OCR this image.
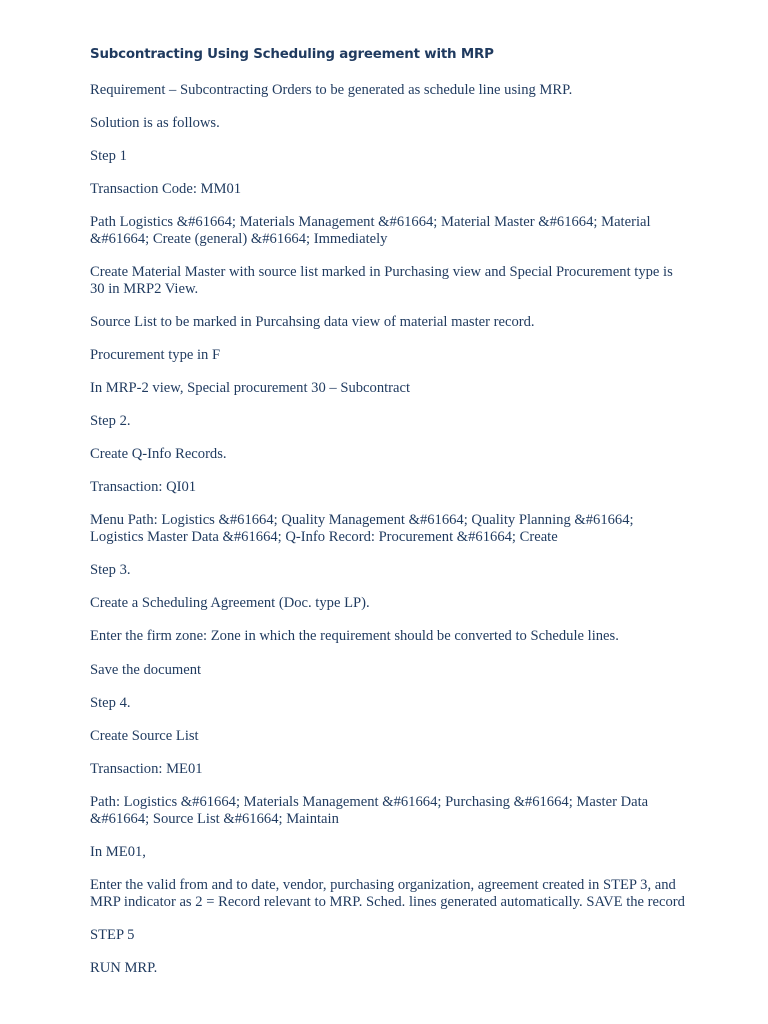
Subcontracting Using Scheduling agreement with MRP

Requirement – Subcontracting Orders to be generated as schedule line using MRP.

Solution is as follows.

Step 1

Transaction Code: MM01

Path Logistics &#61664; Materials Management &#61664; Material Master &#61664; Material &#61664; Create (general) &#61664; Immediately

Create Material Master with source list marked in Purchasing view and Special Procurement type is 30 in MRP2 View.

Source List to be marked in Purcahsing data view of material master record.

Procurement type in F

In MRP-2 view, Special procurement 30 – Subcontract

Step 2.

Create Q-Info Records.

Transaction: QI01

Menu Path: Logistics &#61664; Quality Management &#61664; Quality Planning &#61664; Logistics Master Data &#61664; Q-Info Record: Procurement &#61664; Create

Step 3.

Create a Scheduling Agreement (Doc. type LP).

Enter the firm zone: Zone in which the requirement should be converted to Schedule lines.

Save the document

Step 4.

Create Source List

Transaction: ME01

Path: Logistics &#61664; Materials Management &#61664; Purchasing &#61664; Master Data &#61664; Source List &#61664; Maintain

In ME01,

Enter the valid from and to date, vendor, purchasing organization, agreement created in STEP 3, and MRP indicator as 2 = Record relevant to MRP. Sched. lines generated automatically. SAVE the record

STEP 5

RUN MRP.
